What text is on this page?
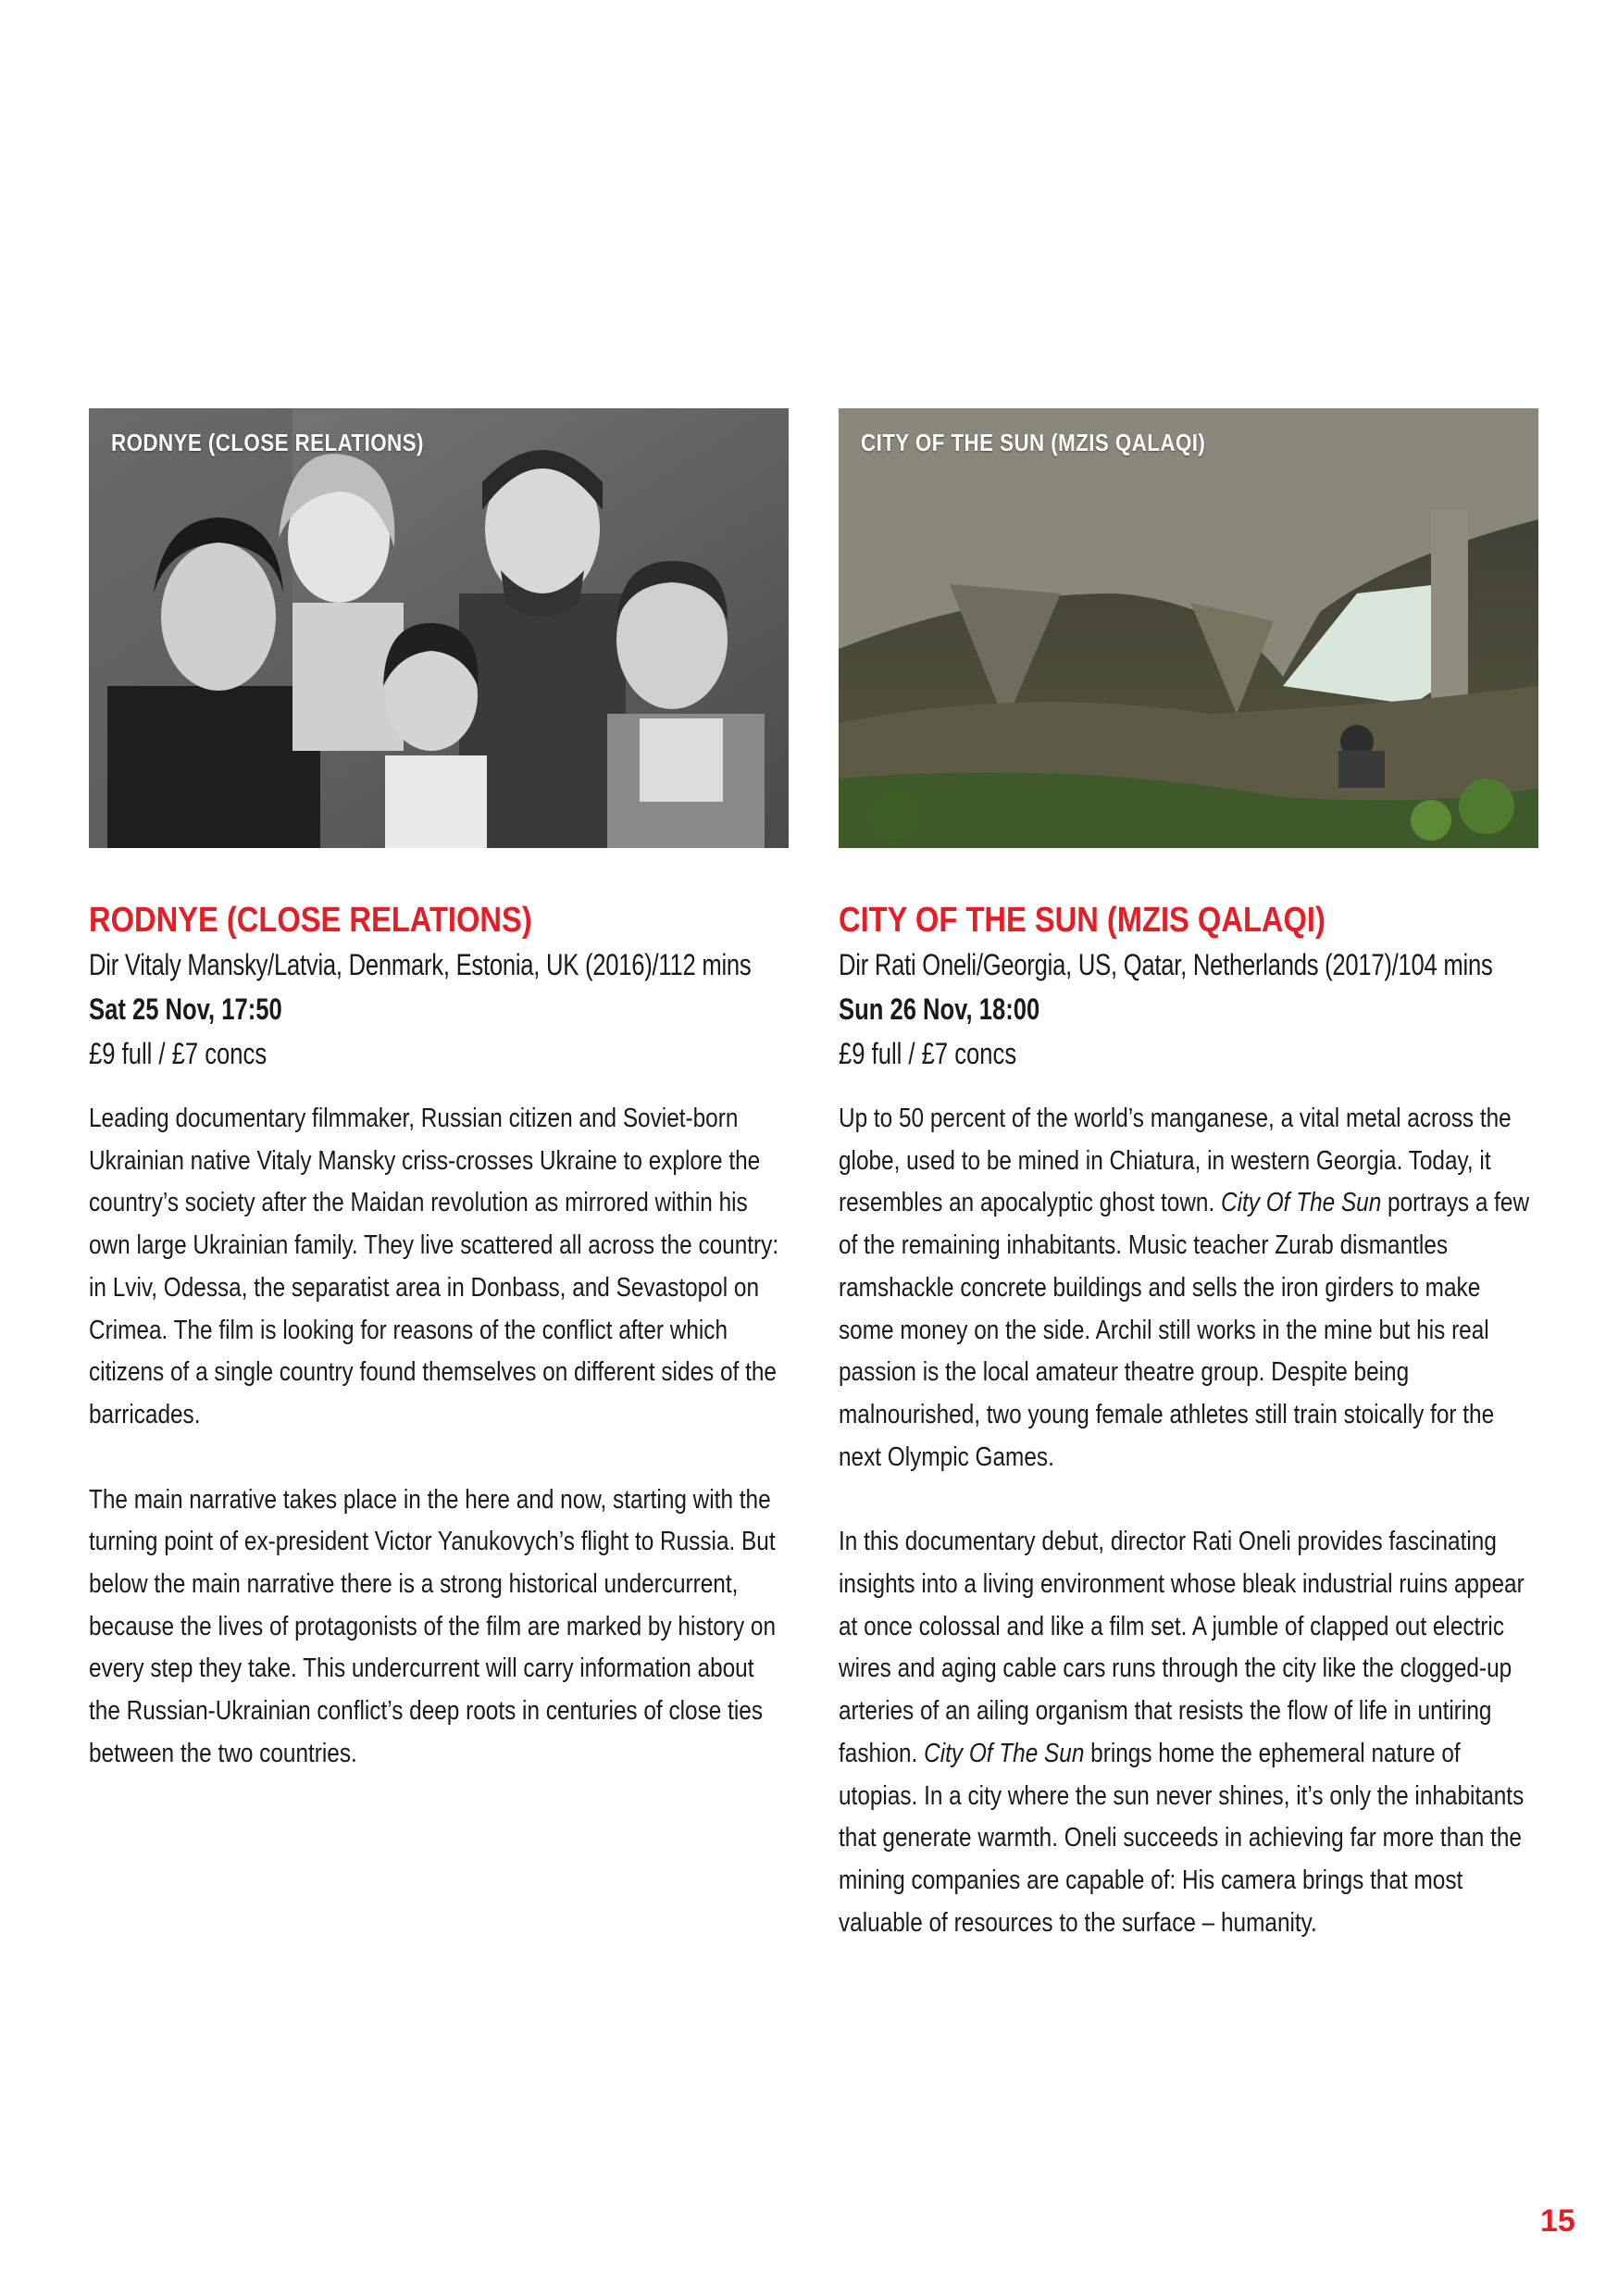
RODNYE (CLOSE RELATIONS)
RODNYE (CLOSE RELATIONS)
Dir Vitaly Mansky/Latvia, Denmark, Estonia, UK (2016)/112 mins
Sat 25 Nov, 17:50
£9 full / £7 concs

Leading documentary filmmaker, Russian citizen and Soviet-born Ukrainian native Vitaly Mansky criss-crosses Ukraine to explore the country’s society after the Maidan revolution as mirrored within his own large Ukrainian family. They live scattered all across the country: in Lviv, Odessa, the separatist area in Donbass, and Sevastopol on Crimea. The film is looking for reasons of the conflict after which citizens of a single country found themselves on different sides of the barricades.

The main narrative takes place in the here and now, starting with the turning point of ex-president Victor Yanukovych’s flight to Russia. But below the main narrative there is a strong historical undercurrent, because the lives of protagonists of the film are marked by history on every step they take. This undercurrent will carry information about the Russian-Ukrainian conflict’s deep roots in centuries of close ties between the two countries.

CITY OF THE SUN (MZIS QALAQI)
CITY OF THE SUN (MZIS QALAQI)
Dir Rati Oneli/Georgia, US, Qatar, Netherlands (2017)/104 mins
Sun 26 Nov, 18:00
£9 full / £7 concs

Up to 50 percent of the world’s manganese, a vital metal across the globe, used to be mined in Chiatura, in western Georgia. Today, it resembles an apocalyptic ghost town. City Of The Sun portrays a few of the remaining inhabitants. Music teacher Zurab dismantles ramshackle concrete buildings and sells the iron girders to make some money on the side. Archil still works in the mine but his real passion is the local amateur theatre group. Despite being malnourished, two young female athletes still train stoically for the next Olympic Games.

In this documentary debut, director Rati Oneli provides fascinating insights into a living environment whose bleak industrial ruins appear at once colossal and like a film set. A jumble of clapped out electric wires and aging cable cars runs through the city like the clogged-up arteries of an ailing organism that resists the flow of life in untiring fashion. City Of The Sun brings home the ephemeral nature of utopias. In a city where the sun never shines, it’s only the inhabitants that generate warmth. Oneli succeeds in achieving far more than the mining companies are capable of: His camera brings that most valuable of resources to the surface – humanity.

15
